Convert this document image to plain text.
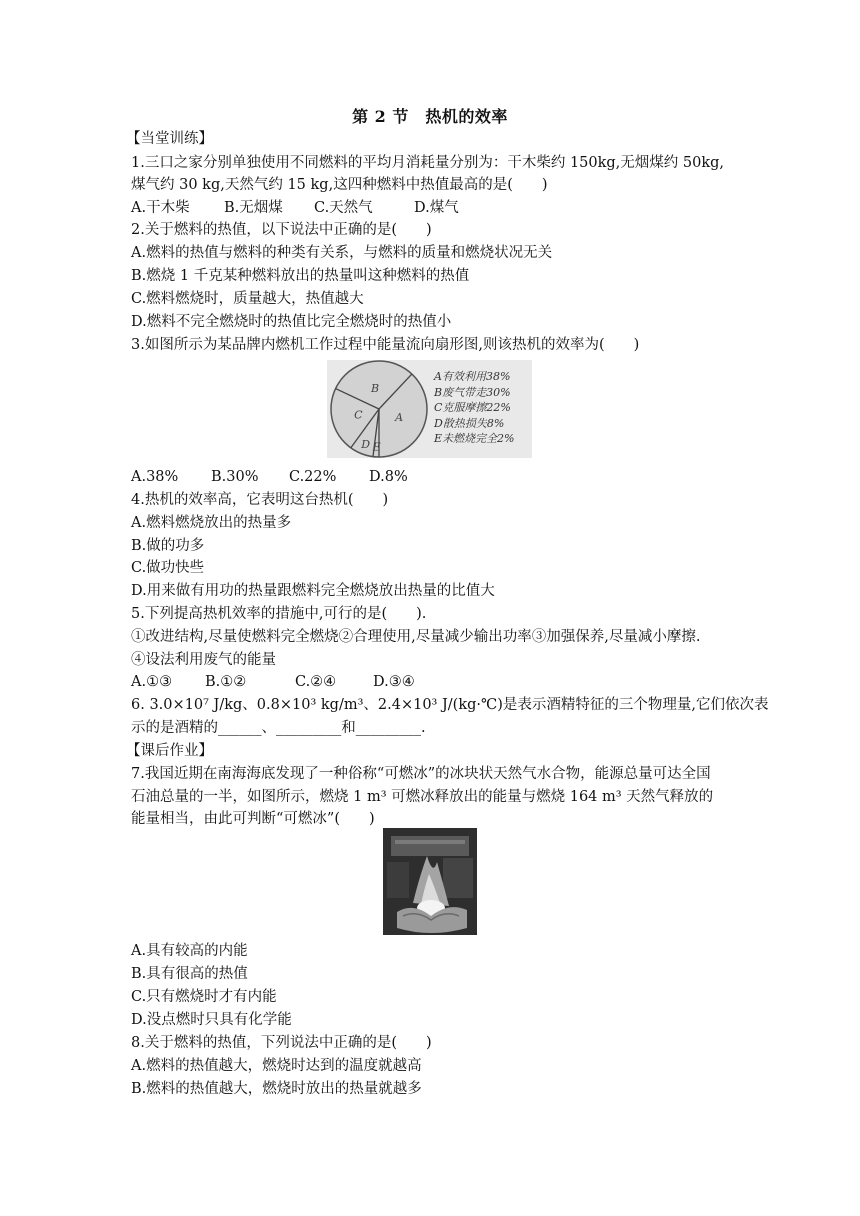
第 2 节　热机的效率
【当堂训练】
1.三口之家分别单独使用不同燃料的平均月消耗量分别为：干木柴约 150kg,无烟煤约 50kg,
煤气约 30 kg,天然气约 15 kg,这四种燃料中热值最高的是(　　)
A.干木柴 B.无烟煤 C.天然气	D.煤气
2.关于燃料的热值，以下说法中正确的是(　　)
A.燃料的热值与燃料的种类有关系，与燃料的质量和燃烧状况无关
B.燃烧 1 千克某种燃料放出的热量叫这种燃料的热值
C.燃料燃烧时，质量越大，热值越大
D.燃料不完全燃烧时的热值比完全燃烧时的热值小
3.如图所示为某品牌内燃机工作过程中能量流向扇形图,则该热机的效率为(　　)
A
B
C
D E
A有效利用38%
B废气带走30%
C克服摩擦22%
D散热损失8%
E未燃烧完全2%
A.38% B.30% C.22% D.8%
4.热机的效率高，它表明这台热机(　　)
A.燃料燃烧放出的热量多
B.做的功多
C.做功快些
D.用来做有用功的热量跟燃料完全燃烧放出热量的比值大
5.下列提高热机效率的措施中,可行的是(　　).
①改进结构,尽量使燃料完全燃烧②合理使用,尽量减少输出功率③加强保养,尽量减小摩擦.
④设法利用废气的能量
A.①③ B.①②	C.②④	D.③④
6. 3.0×10⁷ J/kg、0.8×10³ kg/m³、2.4×10³ J/(kg·℃)是表示酒精特征的三个物理量,它们依次表
示的是酒精的______、_________和_________.
【课后作业】
7.我国近期在南海海底发现了一种俗称“可燃冰”的冰块状天然气水合物，能源总量可达全国
石油总量的一半，如图所示，燃烧 1 m³ 可燃冰释放出的能量与燃烧 164 m³ 天然气释放的
能量相当，由此可判断“可燃冰”(　　)
A.具有较高的内能
B.具有很高的热值
C.只有燃烧时才有内能
D.没点燃时只具有化学能
8.关于燃料的热值，下列说法中正确的是(　　)
A.燃料的热值越大，燃烧时达到的温度就越高
B.燃料的热值越大，燃烧时放出的热量就越多
